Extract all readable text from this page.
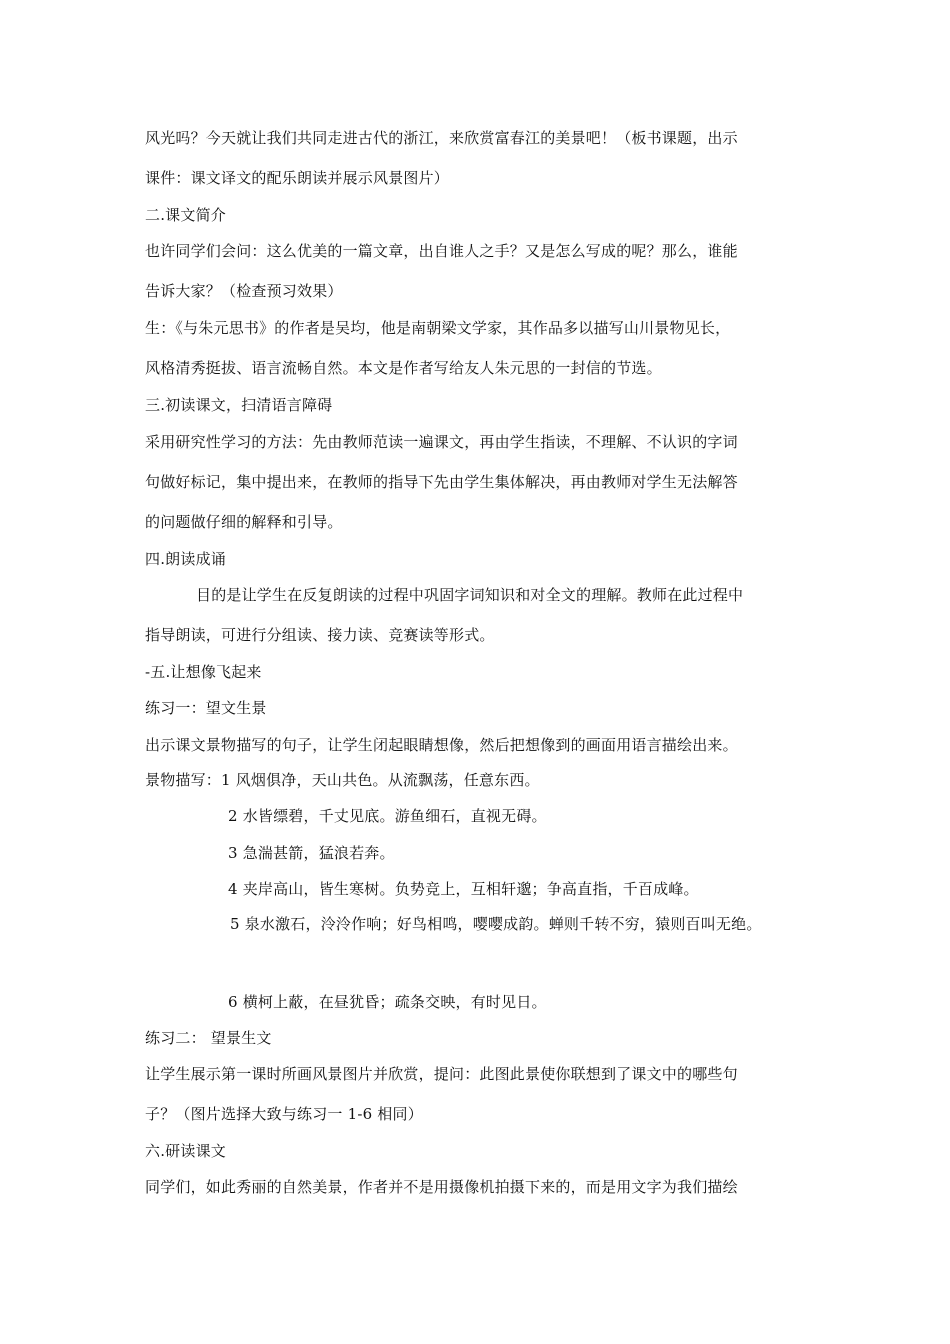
风光吗？今天就让我们共同走进古代的浙江，来欣赏富春江的美景吧！（板书课题，出示
课件：课文译文的配乐朗读并展示风景图片）
二.课文简介
也许同学们会问：这么优美的一篇文章，出自谁人之手？又是怎么写成的呢？那么，谁能
告诉大家？（检查预习效果）
生：《与朱元思书》的作者是吴均，他是南朝梁文学家，其作品多以描写山川景物见长，
风格清秀挺拔、语言流畅自然。本文是作者写给友人朱元思的一封信的节选。
三.初读课文，扫清语言障碍
采用研究性学习的方法：先由教师范读一遍课文，再由学生指读，不理解、不认识的字词
句做好标记，集中提出来，在教师的指导下先由学生集体解决，再由教师对学生无法解答
的问题做仔细的解释和引导。
四.朗读成诵
目的是让学生在反复朗读的过程中巩固字词知识和对全文的理解。教师在此过程中
指导朗读，可进行分组读、接力读、竞赛读等形式。
-五.让想像飞起来
练习一：望文生景
出示课文景物描写的句子，让学生闭起眼睛想像，然后把想像到的画面用语言描绘出来。
景物描写：1 风烟俱净，天山共色。从流飘荡，任意东西。
2 水皆缥碧，千丈见底。游鱼细石，直视无碍。
3 急湍甚箭，猛浪若奔。
4 夹岸高山，皆生寒树。负势竞上，互相轩邈；争高直指，千百成峰。
5 泉水激石，泠泠作响；好鸟相鸣，嘤嘤成韵。蝉则千转不穷，猿则百叫无绝。
6 横柯上蔽，在昼犹昏；疏条交映，有时见日。
练习二： 望景生文
让学生展示第一课时所画风景图片并欣赏，提问：此图此景使你联想到了课文中的哪些句
子？（图片选择大致与练习一 1-6 相同）
六.研读课文
同学们，如此秀丽的自然美景，作者并不是用摄像机拍摄下来的，而是用文字为我们描绘
